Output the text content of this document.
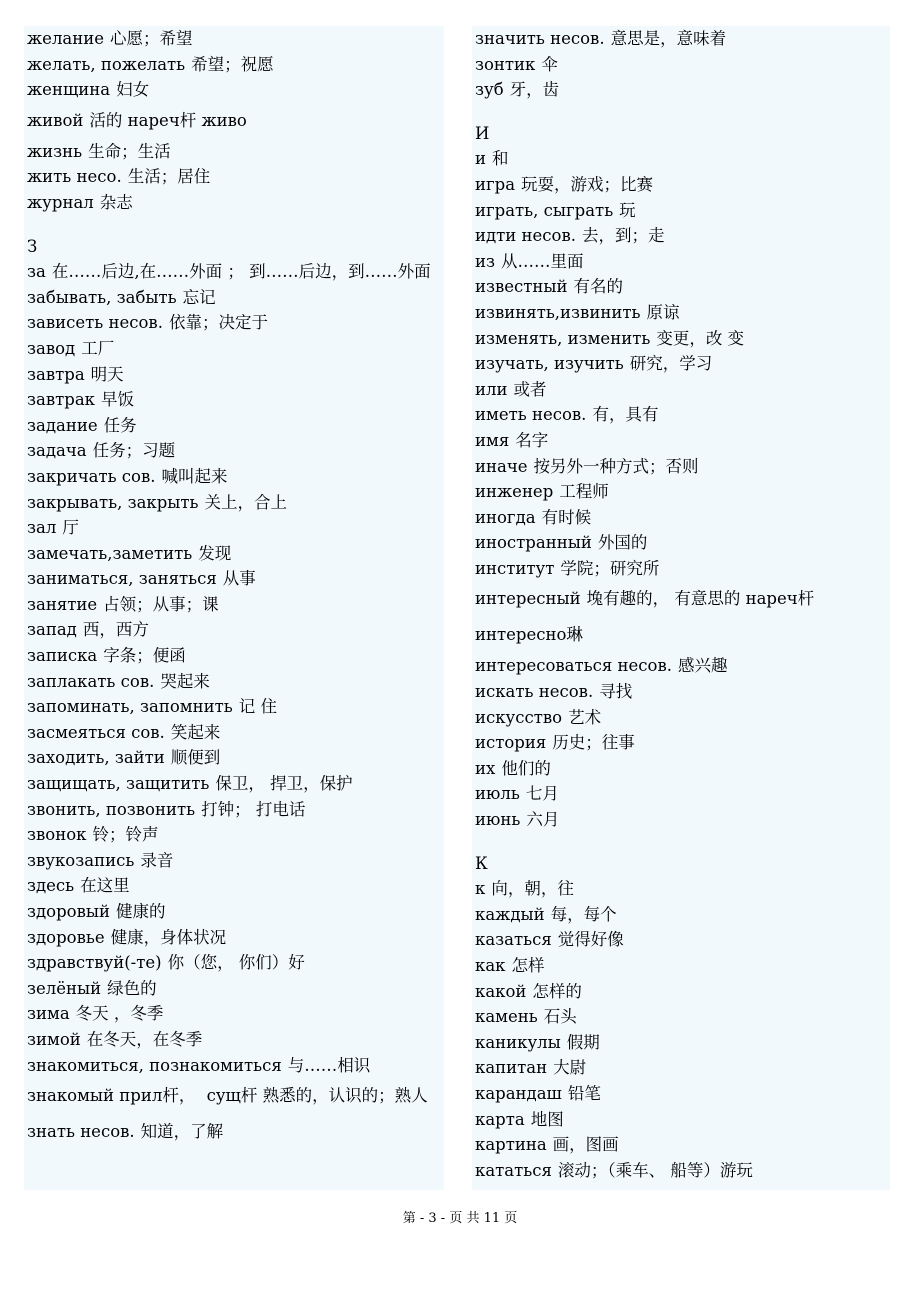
желание 心愿；希望
желать, пожелать 希望；祝愿
женщина 妇女
живой 活的 нареч杆 живо
жизнь 生命；生活
жить несо. 生活；居住
журнал 杂志
З
за 在……后边,在……外面 ； 到……后边，到……外面
забывать, забыть 忘记
зависеть несов. 依靠；决定于
завод 工厂
завтра 明天
завтрак 早饭
задание 任务
задача 任务；习题
закричать сов. 喊叫起来
закрывать, закрыть 关上，合上
зал 厅
замечать,заметить 发现
заниматься, заняться 从事
занятие 占领；从事；课
запад 西，西方
записка 字条；便函
заплакать сов. 哭起来
запоминать, запомнить 记 住
засмеяться сов. 笑起来
заходить, зайти 顺便到
защищать, защитить 保卫， 捍卫，保护
звонить, позвонить 打钟； 打电话
звонок 铃；铃声
звукозапись 录音
здесь 在这里
здоровый 健康的
здоровье 健康，身体状况
здравствуй(-те) 你（您， 你们）好
зелёный 绿色的
зима 冬天 ，冬季
зимой 在冬天，在冬季
знакомиться, познакомиться 与……相识
знакомый прил杆， сущ杆 熟悉的，认识的；熟人
знать несов. 知道，了解
значить несов. 意思是，意味着
зонтик 伞
зуб 牙，齿
И
и 和
игра 玩耍，游戏；比赛
играть, сыграть 玩
идти несов. 去，到；走
из 从……里面
известный 有名的
извинять,извинить 原谅
изменять, изменить 变更，改 变
изучать, изучить 研究，学习
или 或者
иметь несов. 有，具有
имя 名字
иначе 按另外一种方式；否则
инженер 工程师
иногда 有时候
иностранный 外国的
институт 学院；研究所
интересный 堍有趣的， 有意思的 нареч杆
интересно琳
интересоваться несов. 感兴趣
искать несов. 寻找
искусство 艺术
история 历史；往事
их 他们的
июль 七月
июнь 六月
К
к 向，朝，往
каждый 每，每个
казаться 觉得好像
как 怎样
какой 怎样的
камень 石头
каникулы 假期
капитан 大尉
карандаш 铅笔
карта 地图
картина 画，图画
кататься 滚动；（乘车、 船等）游玩
第 - 3 - 页 共 11 页
